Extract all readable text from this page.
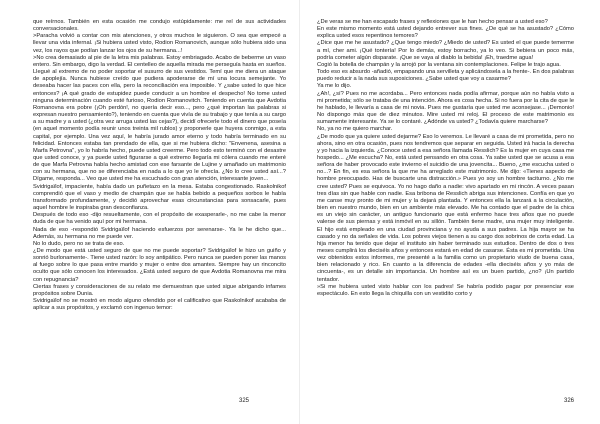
que reírnos. También en esta ocasión me condujo estúpidamente: me reí de sus actividades conversacionales.

>Paracha volvió a contar con mis atenciones, y otros muchos le siguieron. O sea que empecé a llevar una vida infernal. ¡Si hubiera usted visto, Rodion Romanovich, aunque sólo hubiera sido una vez, los rayos que podían lanzar los ojos de su hermana...!

>No crea demasiado al pie de la letra mis palabras. Estoy embriagado. Acabo de beberme un vaso entero. Sin embargo, digo la verdad. El centelleo de aquella mirada me perseguía hasta en sueños. Llegué al extremo de no poder soportar el susurro de sus vestidos. Temí que me diera un ataque de apoplejía. Nunca hubiese creído que pudiera apoderarse de mí una locura semejante. Yo deseaba hacer las paces con ella, pero la reconciliación era imposible. Y ¿sabe usted lo que hice entonces? ¡A qué grado de estupidez puede conducir a un hombre el despecho! No tome usted ninguna determinación cuando esté furioso, Rodion Romanovitch. Teniendo en cuenta que Avdotia Romanovna era pobre (¡Oh perdón!, no quería decir eso..., pero ¿qué importan las palabras si expresan nuestro pensamiento?), teniendo en cuenta que vivía de su trabajo y que tenía a su cargo a su madre y a usted (¿otra vez arruga usted las cejas?), decidí ofrecerle todo el dinero que poseía (en aquel momento podía reunir unos treinta mil rublos) y proponerle que huyera conmigo, a esta capital, por ejemplo. Una vez aquí, le habría jurado amor eterno y todo habría terminado en su felicidad. Entonces estaba tan prendado de ella, que si me hubiera dicho: "Envenena, asesina a Marfa Petrovna", yo lo habría hecho, puede usted creerme. Pero todo esto terminó con el desastre que usted conoce, y ya puede usted figurarse a qué extremo llegaría mi cólera cuando me enteré de que Marfa Petrovna había hecho amistad con ese farsante de Lujine y amañado un matrimonio con su hermana, que no se diferenciaba en nada a lo que yo le ofrecía. ¿No lo cree usted así...? Dígame, responda... Veo que usted me ha escuchado con gran atención, interesante joven...

Svidrigaïlof, impaciente, había dado un puñetazo en la mesa. Estaba congestionado. Raskolnikof comprendió que el vaso y medio de champán que se había bebido a pequeños sorbos le había transformado profundamente, y decidió aprovechar esas circunstancias para sonsacarle, pues aquel hombre le inspiraba gran desconfianza.

Después de todo eso -dijo resueltamente, con el propósito de exasperarle-, no me cabe la menor duda de que ha venido aquí por mi hermana.

Nada de eso -respondió Svidrigaïlof haciendo esfuerzos por serenarse-. Ya le he dicho que... Además, su hermana no me puede ver.

No lo dudo, pero no se trata de eso.

¿De modo que está usted seguro de que no me puede soportar? Svidrigaïlof le hizo un guiño y sonrió burlonamente-. Tiene usted razón: lo soy antipático. Pero nunca se pueden poner las manos al fuego sobre lo que pasa entre marido y mujer o entre dos amantes. Siempre hay un rinconcito oculto que sólo conocen los interesados. ¿Está usted seguro de que Avdotia Romanovna me mira con repugnancia?

Ciertas frases y consideraciones de su relato me demuestran que usted sigue abrigando infames propósitos sobre Dunia.

Svidrigaïlof no se mostró en modo alguno ofendido por el calificativo que Raskolnikof acababa de aplicar a sus propósitos, y exclamó con ingenuo temor:

325

¿De veras se me han escapado frases y reflexiones que le han hecho pensar a usted eso?

En este mismo momento está usted dejando entrever sus fines. ¿De qué se ha asustado? ¿Cómo explica usted esos repentinos temores?

¿Dice que me he asustado? ¿Que tengo miedo? ¿Miedo de usted? Es usted el que puede temerme a mí, cher ami. ¡Qué tontería! Por lo demás, estoy borracho, ya lo veo. Si bebiera un poco más, podría cometer algún disparate. ¡Que se vaya al diablo la bebida! ¡Eh, traedme agua!

Cogió la botella de champán y la arrojó por la ventana sin contemplaciones. Felipe le trajo agua.

Todo eso es absurdo -añadió, empapando una servilleta y aplicándosela a la frente-. En dos palabras puedo reducir a la nada sus suposiciones. ¿Sabe usted que voy a casarme?

Ya me lo dijo.

¿Ah!, ¿sí? Pues no me acordaba... Pero entonces nada podía afirmar, porque aún no había visto a mi prometida; sólo se trataba de una intención. Ahora es cosa hecha. Si no fuera por la cita de que le he hablado, le llevaría a casa de mi novia. Pues me gustaría que usted me aconsejase... ¡Demonio! No dispongo más que de diez minutos. Mire usted mi reloj. El proceso de este matrimonio es sumamente interesante. Ya se lo contaré. ¿Adónde va usted? ¿Todavía quiere marcharse?

No, ya no me quiero marchar.

¿De modo que ya quiere usted dejarme? Eso lo veremos. Le llevaré a casa de mi prometida, pero no ahora, sino en otra ocasión, pues nos tendremos que separar en seguida. Usted irá hacia la derecha y yo hacia la izquierda. ¿Conoce usted a esa señora llamada Resslich? Es la mujer en cuya casa me hospedo... ¿Me escucha? No, está usted pensando en otra cosa. Ya sabe usted que se acusa a esa señora de haber provocado este invierno el suicidio de una jovencita... Bueno, ¿me escucha usted o no...? En fin, es esa señora la que me ha arreglado este matrimonio. Me dijo: «Tienes aspecto de hombre preocupado. Has de buscarte una distracción.» Pues yo soy un hombre taciturno. ¿No me cree usted? Pues se equivoca. Yo no hago daño a nadie: vivo apartado en mi rincón. A veces pasan tres días sin que hable con nadie. Esa bribona de Resslich abriga sus intenciones. Confía en que yo me canse muy pronto de mi mujer y la dejará plantada. Y entonces ella la lanzará a la circulación, bien en nuestro mundo, bien en un ambiente más elevado. Me ha contado que el padre de la chica es un viejo sin carácter, un antiguo funcionario que está enfermo hace tres años que no puede valerse de sus piernas y está inmóvil en su sillón. También tiene madre, una mujer muy inteligente. El hijo está empleado en una ciudad provinciana y no ayuda a sus padres. La hija mayor se ha casado y no da señales de vida. Los pobres viejos tienen a su cargo dos sobrinos de corta edad. La hija menor ha tenido que dejar el instituto sin haber terminado sus estudios. Dentro de dos o tres meses cumplirá los dieciséis años y entonces estará en edad de casarse. Ésta es mi prometida. Una vez obtenidos estos informes, me presenté a la familia como un propietario viudo de buena casa, bien relacionado y rico. En cuanto a la diferencia de edades -ella dieciséis años y yo más de cincuenta-, es un detalle sin importancia. Un hombre así es un buen partido, ¿no? ¡Un partido tentador.

»Si me hubiera usted visto hablar con los padres! Se habría podido pagar por presenciar ese espectáculo. En esto llega la chiquilla con un vestidito corto y

326
